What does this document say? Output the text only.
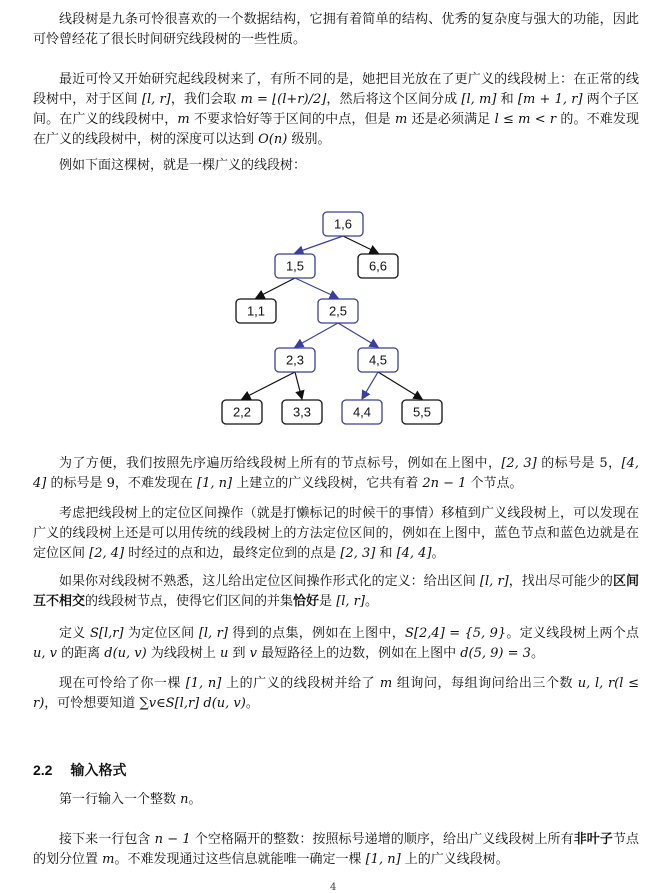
线段树是九条可怜很喜欢的一个数据结构，它拥有着简单的结构、优秀的复杂度与强大的功能，因此可怜曾经花了很长时间研究线段树的一些性质。

最近可怜又开始研究起线段树来了，有所不同的是，她把目光放在了更广义的线段树上：在正常的线段树中，对于区间 [l, r]，我们会取 m = ⌊(l+r)/2⌋，然后将这个区间分成 [l, m] 和 [m + 1, r] 两个子区间。在广义的线段树中，m 不要求恰好等于区间的中点，但是 m 还是必须满足 l ≤ m < r 的。不难发现在广义的线段树中，树的深度可以达到 O(n) 级别。

例如下面这棵树，就是一棵广义的线段树：

1,6
1,5	6,6
1,1	2,5
2,3	4,5
2,2	3,3	4,4	5,5

为了方便，我们按照先序遍历给线段树上所有的节点标号，例如在上图中，[2, 3] 的标号是 5，[4, 4] 的标号是 9，不难发现在 [1, n] 上建立的广义线段树，它共有着 2n − 1 个节点。

考虑把线段树上的定位区间操作（就是打懒标记的时候干的事情）移植到广义线段树上，可以发现在广义的线段树上还是可以用传统的线段树上的方法定位区间的，例如在上图中，蓝色节点和蓝色边就是在定位区间 [2, 4] 时经过的点和边，最终定位到的点是 [2, 3] 和 [4, 4]。

如果你对线段树不熟悉，这儿给出定位区间操作形式化的定义：给出区间 [l, r]，找出尽可能少的区间互不相交的线段树节点，使得它们区间的并集恰好是 [l, r]。

定义 S[l,r] 为定位区间 [l, r] 得到的点集，例如在上图中，S[2,4] = {5, 9}。定义线段树上两个点 u, v 的距离 d(u, v) 为线段树上 u 到 v 最短路径上的边数，例如在上图中 d(5, 9) = 3。

现在可怜给了你一棵 [1, n] 上的广义的线段树并给了 m 组询问，每组询问给出三个数 u, l, r(l ≤ r)，可怜想要知道 ∑v∈S[l,r] d(u, v)。

2.2 输入格式

第一行输入一个整数 n。

接下来一行包含 n − 1 个空格隔开的整数：按照标号递增的顺序，给出广义线段树上所有非叶子节点的划分位置 m。不难发现通过这些信息就能唯一确定一棵 [1, n] 上的广义线段树。

4
